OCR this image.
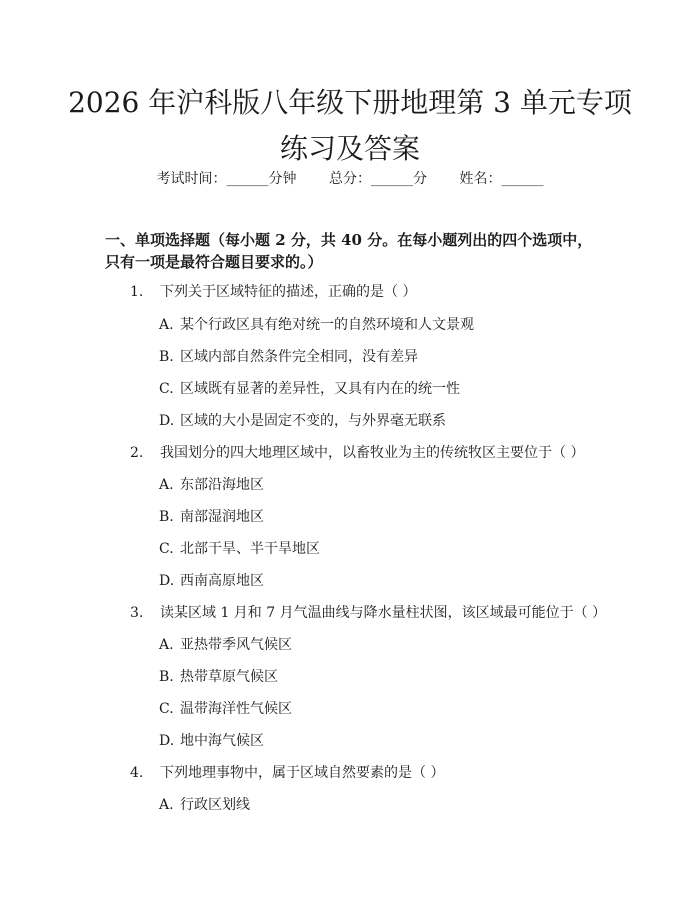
2026 年沪科版八年级下册地理第 3 单元专项
练习及答案
考试时间：______分钟 总分：______分 姓名：______
一、单项选择题（每小题 2 分，共 40 分。在每小题列出的四个选项中，只有一项是最符合题目要求的。）
1. 下列关于区域特征的描述，正确的是（ ）
A. 某个行政区具有绝对统一的自然环境和人文景观
B. 区域内部自然条件完全相同，没有差异
C. 区域既有显著的差异性，又具有内在的统一性
D. 区域的大小是固定不变的，与外界毫无联系
2. 我国划分的四大地理区域中，以畜牧业为主的传统牧区主要位于（ ）
A. 东部沿海地区
B. 南部湿润地区
C. 北部干旱、半干旱地区
D. 西南高原地区
3. 读某区域 1 月和 7 月气温曲线与降水量柱状图，该区域最可能位于（ ）
A. 亚热带季风气候区
B. 热带草原气候区
C. 温带海洋性气候区
D. 地中海气候区
4. 下列地理事物中，属于区域自然要素的是（ ）
A. 行政区划线
